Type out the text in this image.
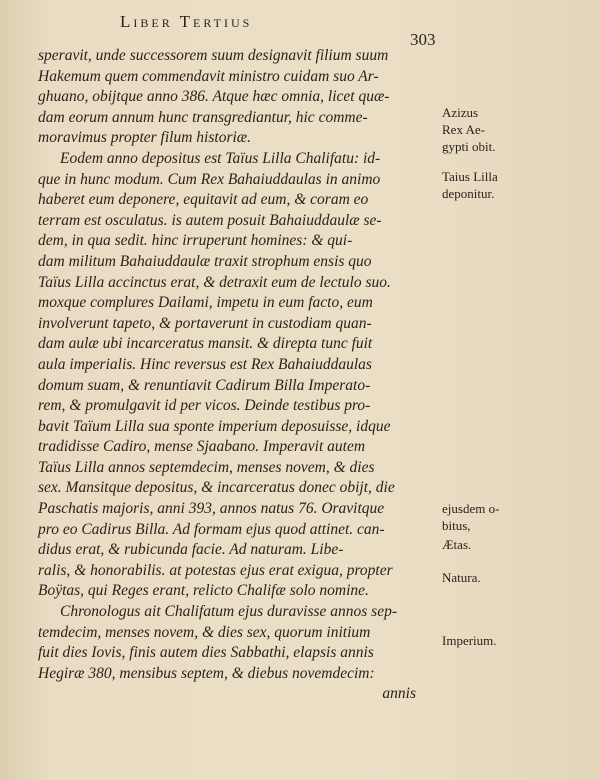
Liber Tertius
303
speravit, unde successorem suum designavit filium suum
Hakemum quem commendavit ministro cuidam suo Ar-
ghuano, obijtque anno 386. Atque hæc omnia, licet quæ-
dam eorum annum hunc transgrediantur, hic comme-
moravimus propter filum historiæ.
Eodem anno depositus est Taïus Lilla Chalifatu: id-
que in hunc modum. Cum Rex Bahaiuddaulas in animo
haberet eum deponere, equitavit ad eum, & coram eo
terram est osculatus. is autem posuit Bahaiuddaulæ se-
dem, in qua sedit. hinc irruperunt homines: & qui-
dam militum Bahaiuddaulæ traxit strophum ensis quo
Taïus Lilla accinctus erat, & detraxit eum de lectulo suo.
moxque complures Dailami, impetu in eum facto, eum
involverunt tapeto, & portaverunt in custodiam quan-
dam aulæ ubi incarceratus mansit. & direpta tunc fuit
aula imperialis. Hinc reversus est Rex Bahaiuddaulas
domum suam, & renuntiavit Cadirum Billa Imperato-
rem, & promulgavit id per vicos. Deinde testibus pro-
bavit Taïum Lilla sua sponte imperium deposuisse, idque
tradidisse Cadiro, mense Sjaabano. Imperavit autem
Taïus Lilla annos septemdecim, menses novem, & dies
sex. Mansitque depositus, & incarceratus donec obijt, die
Paschatis majoris, anni 393, annos natus 76. Oravitque
pro eo Cadirus Billa. Ad formam ejus quod attinet. can-
didus erat, & rubicunda facie. Ad naturam. Libe-
ralis, & honorabilis. at potestas ejus erat exigua, propter
Boÿtas, qui Reges erant, relicto Chalifæ solo nomine.
Chronologus ait Chalifatum ejus duravisse annos sep-
temdecim, menses novem, & dies sex, quorum initium
fuit dies Iovis, finis autem dies Sabbathi, elapsis annis
Hegiræ 380, mensibus septem, & diebus novemdecim:
annis
Azizus
Rex Ae-
gypti obit.
Taius Lilla
deponitur.
ejusdem o-
bitus,
Ætas.
Natura.
Imperium.
